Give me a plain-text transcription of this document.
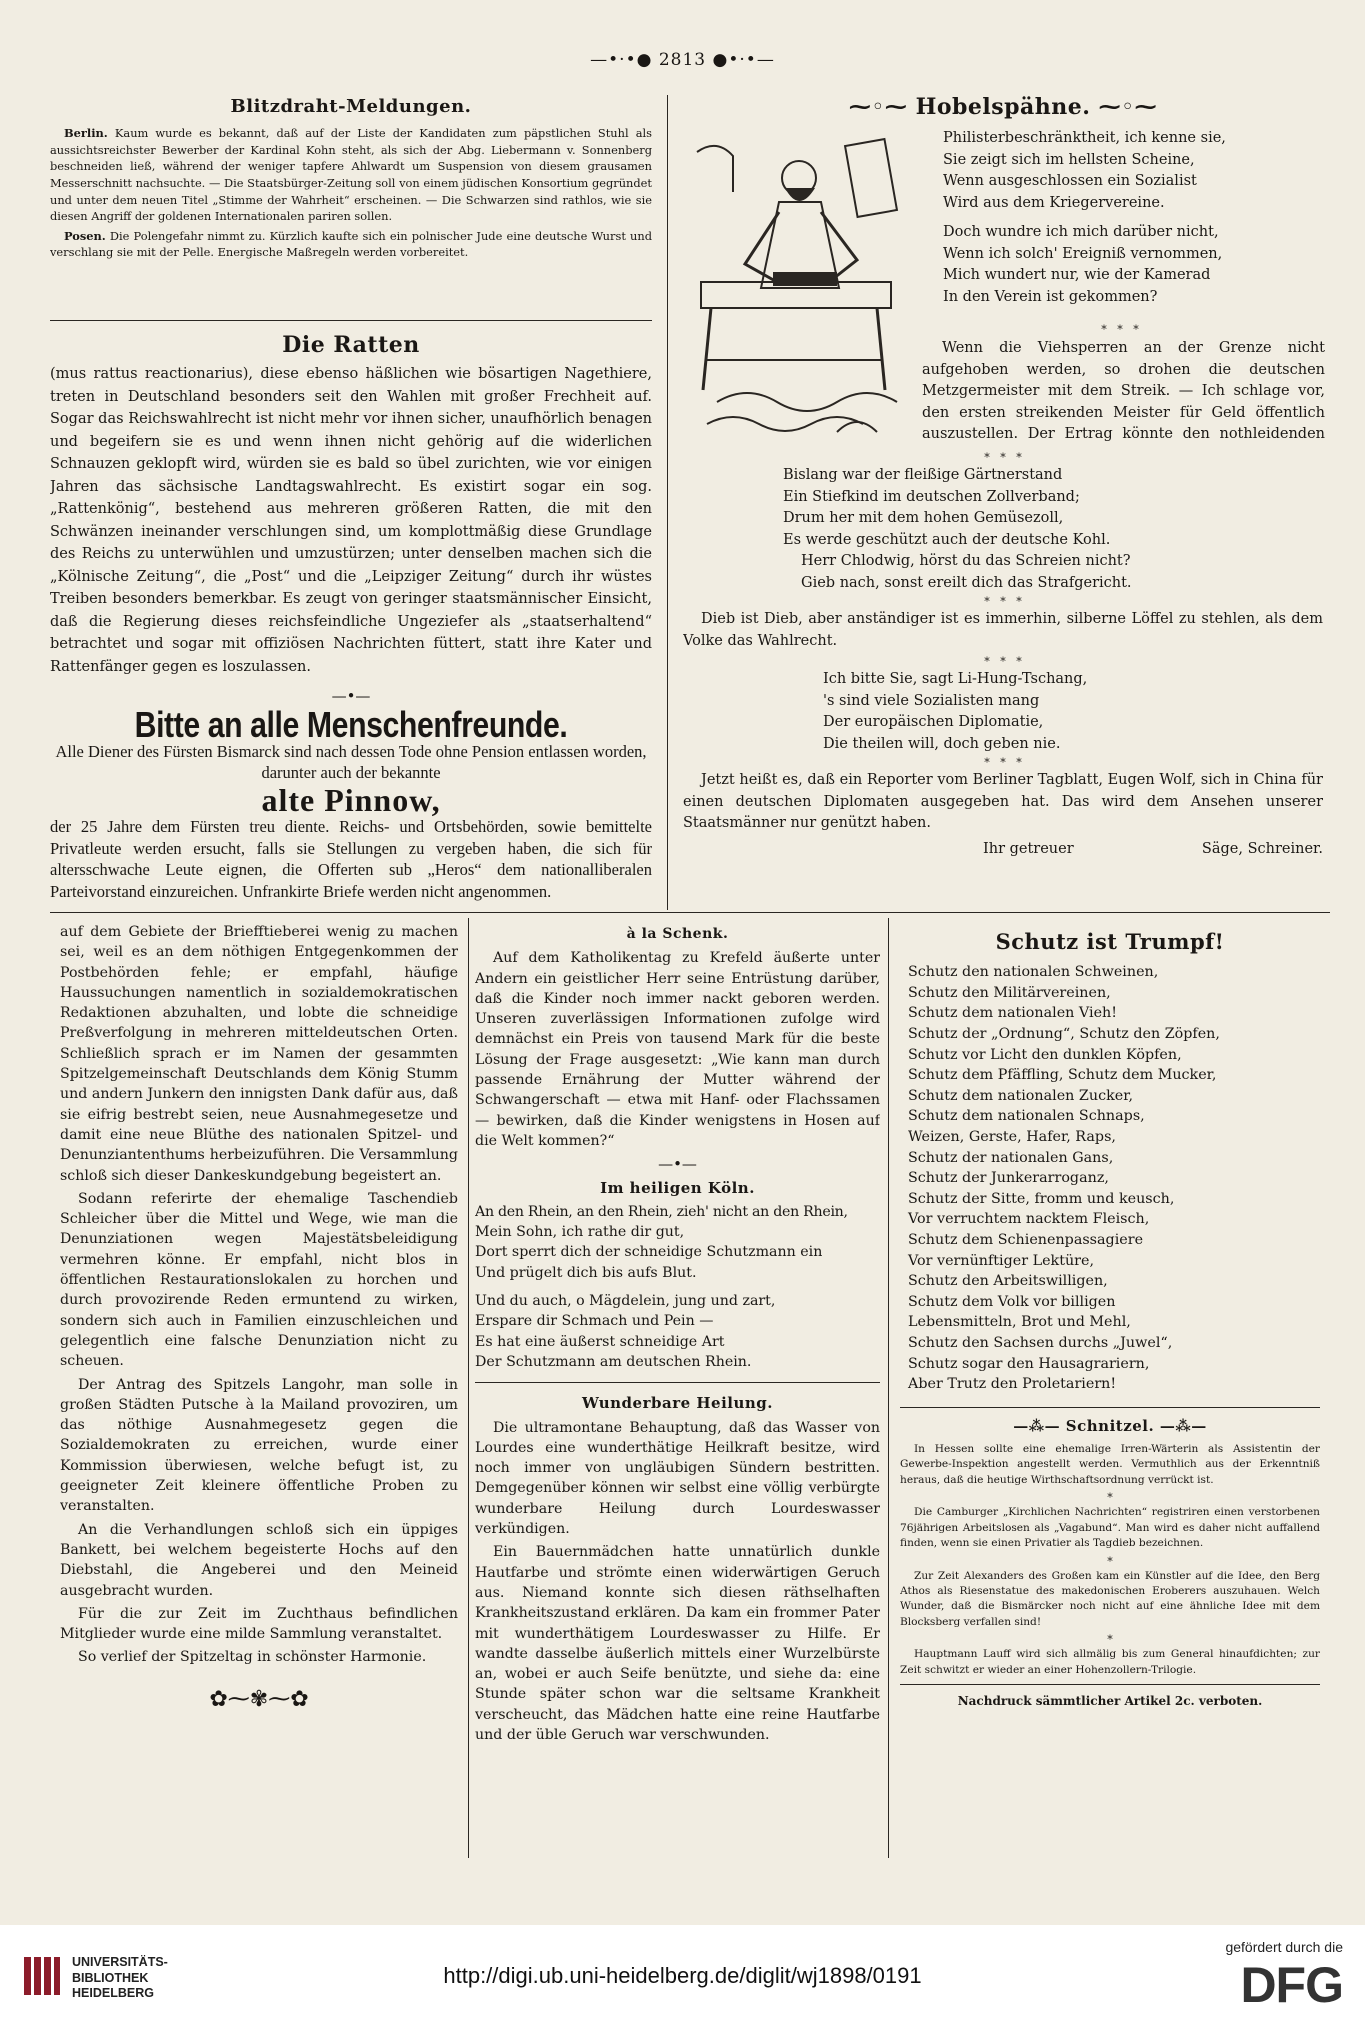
—•·•● 2813 ●•·•—
Blitzdraht-Meldungen.

Berlin. Kaum wurde es bekannt, daß auf der Liste der Kandidaten zum päpstlichen Stuhl als aussichtsreichster Bewerber der Kardinal Kohn steht, als sich der Abg. Liebermann v. Sonnenberg beschneiden ließ, während der weniger tapfere Ahlwardt um Suspension von diesem grausamen Messerschnitt nachsuchte. — Die Staatsbürger-Zeitung soll von einem jüdischen Konsortium gegründet und unter dem neuen Titel „Stimme der Wahrheit“ erscheinen. — Die Schwarzen sind rathlos, wie sie diesen Angriff der goldenen Internationalen pariren sollen.

Posen. Die Polengefahr nimmt zu. Kürzlich kaufte sich ein polnischer Jude eine deutsche Wurst und verschlang sie mit der Pelle. Energische Maßregeln werden vorbereitet.

Die Ratten

(mus rattus reactionarius), diese ebenso häßlichen wie bösartigen Nagethiere, treten in Deutschland besonders seit den Wahlen mit großer Frechheit auf. Sogar das Reichswahlrecht ist nicht mehr vor ihnen sicher, unaufhörlich benagen und begeifern sie es und wenn ihnen nicht gehörig auf die widerlichen Schnauzen geklopft wird, würden sie es bald so übel zurichten, wie vor einigen Jahren das sächsische Landtagswahlrecht. Es existirt sogar ein sog. „Rattenkönig“, bestehend aus mehreren größeren Ratten, die mit den Schwänzen ineinander verschlungen sind, um komplottmäßig diese Grundlage des Reichs zu unterwühlen und umzustürzen; unter denselben machen sich die „Kölnische Zeitung“, die „Post“ und die „Leipziger Zeitung“ durch ihr wüstes Treiben besonders bemerkbar. Es zeugt von geringer staatsmännischer Einsicht, daß die Regierung dieses reichsfeindliche Ungeziefer als „staatserhaltend“ betrachtet und sogar mit offiziösen Nachrichten füttert, statt ihre Kater und Rattenfänger gegen es loszulassen.

—•—
Bitte an alle Menschenfreunde.
Alle Diener des Fürsten Bismarck sind nach dessen Tode ohne Pension entlassen worden, darunter auch der bekannte
alte Pinnow,
der 25 Jahre dem Fürsten treu diente. Reichs- und Ortsbehörden, sowie bemittelte Privatleute werden ersucht, falls sie Stellungen zu vergeben haben, die sich für altersschwache Leute eignen, die Offerten sub „Heros“ dem nationalliberalen Parteivorstand einzureichen. Unfrankirte Briefe werden nicht angenommen.
⁓◦⁓ Hobelspähne. ⁓◦⁓
Philisterbeschränktheit, ich kenne sie,
Sie zeigt sich im hellsten Scheine,
Wenn ausgeschlossen ein Sozialist
Wird aus dem Kriegervereine.
Doch wundre ich mich darüber nicht,
Wenn ich solch' Ereigniß vernommen,
Mich wundert nur, wie der Kamerad
In den Verein ist gekommen?
*   *   *

Wenn die Viehsperren an der Grenze nicht aufgehoben werden, so drohen die deutschen Metzgermeister mit dem Streik. — Ich schlage vor, den ersten streikenden Meister für Geld öffentlich auszustellen. Der Ertrag könnte den nothleidenden

*   *   *
Bislang war der fleißige Gärtnerstand
Ein Stiefkind im deutschen Zollverband;
Drum her mit dem hohen Gemüsezoll,
Es werde geschützt auch der deutsche Kohl.
Herr Chlodwig, hörst du das Schreien nicht?
Gieb nach, sonst ereilt dich das Strafgericht.
*   *   *

Dieb ist Dieb, aber anständiger ist es immerhin, silberne Löffel zu stehlen, als dem Volke das Wahlrecht.

*   *   *
Ich bitte Sie, sagt Li-Hung-Tschang,
's sind viele Sozialisten mang
Der europäischen Diplomatie,
Die theilen will, doch geben nie.
*   *   *

Jetzt heißt es, daß ein Reporter vom Berliner Tagblatt, Eugen Wolf, sich in China für einen deutschen Diplomaten ausgegeben hat. Das wird dem Ansehen unserer Staatsmänner nur genützt haben.

Ihr getreuer	Säge, Schreiner.

auf dem Gebiete der Briefftieberei wenig zu machen sei, weil es an dem nöthigen Entgegenkommen der Postbehörden fehle; er empfahl, häufige Haussuchungen namentlich in sozialdemokratischen Redaktionen abzuhalten, und lobte die schneidige Preßverfolgung in mehreren mitteldeutschen Orten. Schließlich sprach er im Namen der gesammten Spitzelgemeinschaft Deutschlands dem König Stumm und andern Junkern den innigsten Dank dafür aus, daß sie eifrig bestrebt seien, neue Ausnahmegesetze und damit eine neue Blüthe des nationalen Spitzel- und Denunziantenthums herbeizuführen. Die Versammlung schloß sich dieser Dankeskundgebung begeistert an.

Sodann referirte der ehemalige Taschendieb Schleicher über die Mittel und Wege, wie man die Denunziationen wegen Majestätsbeleidigung vermehren könne. Er empfahl, nicht blos in öffentlichen Restaurationslokalen zu horchen und durch provozirende Reden ermuntend zu wirken, sondern sich auch in Familien einzuschleichen und gelegentlich eine falsche Denunziation nicht zu scheuen.

Der Antrag des Spitzels Langohr, man solle in großen Städten Putsche à la Mailand provoziren, um das nöthige Ausnahmegesetz gegen die Sozialdemokraten zu erreichen, wurde einer Kommission überwiesen, welche befugt ist, zu geeigneter Zeit kleinere öffentliche Proben zu veranstalten.

An die Verhandlungen schloß sich ein üppiges Bankett, bei welchem begeisterte Hochs auf den Diebstahl, die Angeberei und den Meineid ausgebracht wurden.

Für die zur Zeit im Zuchthaus befindlichen Mitglieder wurde eine milde Sammlung veranstaltet.

So verlief der Spitzeltag in schönster Harmonie.

✿⁓✾⁓✿
à la Schenk.

Auf dem Katholikentag zu Krefeld äußerte unter Andern ein geistlicher Herr seine Entrüstung darüber, daß die Kinder noch immer nackt geboren werden. Unseren zuverlässigen Informationen zufolge wird demnächst ein Preis von tausend Mark für die beste Lösung der Frage ausgesetzt: „Wie kann man durch passende Ernährung der Mutter während der Schwangerschaft — etwa mit Hanf- oder Flachssamen — bewirken, daß die Kinder wenigstens in Hosen auf die Welt kommen?“

—•—
Im heiligen Köln.
An den Rhein, an den Rhein, zieh' nicht an den Rhein,
Mein Sohn, ich rathe dir gut,
Dort sperrt dich der schneidige Schutzmann ein
Und prügelt dich bis aufs Blut.
Und du auch, o Mägdelein, jung und zart,
Erspare dir Schmach und Pein —
Es hat eine äußerst schneidige Art
Der Schutzmann am deutschen Rhein.
Wunderbare Heilung.

Die ultramontane Behauptung, daß das Wasser von Lourdes eine wunderthätige Heilkraft besitze, wird noch immer von ungläubigen Sündern bestritten. Demgegenüber können wir selbst eine völlig verbürgte wunderbare Heilung durch Lourdeswasser verkündigen.

Ein Bauernmädchen hatte unnatürlich dunkle Hautfarbe und strömte einen widerwärtigen Geruch aus. Niemand konnte sich diesen räthselhaften Krankheitszustand erklären. Da kam ein frommer Pater mit wunderthätigem Lourdeswasser zu Hilfe. Er wandte dasselbe äußerlich mittels einer Wurzelbürste an, wobei er auch Seife benützte, und siehe da: eine Stunde später schon war die seltsame Krankheit verscheucht, das Mädchen hatte eine reine Hautfarbe und der üble Geruch war verschwunden.

Schutz ist Trumpf!
Schutz den nationalen Schweinen,
Schutz den Militärvereinen,
Schutz dem nationalen Vieh!
Schutz der „Ordnung“, Schutz den Zöpfen,
Schutz vor Licht den dunklen Köpfen,
Schutz dem Pfäffling, Schutz dem Mucker,
Schutz dem nationalen Zucker,
Schutz dem nationalen Schnaps,
Weizen, Gerste, Hafer, Raps,
Schutz der nationalen Gans,
Schutz der Junkerarroganz,
Schutz der Sitte, fromm und keusch,
Vor verruchtem nacktem Fleisch,
Schutz dem Schienenpassagiere
Vor vernünftiger Lektüre,
Schutz den Arbeitswilligen,
Schutz dem Volk vor billigen
Lebensmitteln, Brot und Mehl,
Schutz den Sachsen durchs „Juwel“,
Schutz sogar den Hausagrariern,
Aber Trutz den Proletariern!
—⁂— Schnitzel. —⁂—

In Hessen sollte eine ehemalige Irren-Wärterin als Assistentin der Gewerbe-Inspektion angestellt werden. Vermuthlich aus der Erkenntniß heraus, daß die heutige Wirthschaftsordnung verrückt ist.

*

Die Camburger „Kirchlichen Nachrichten“ registriren einen verstorbenen 76jährigen Arbeitslosen als „Vagabund“. Man wird es daher nicht auffallend finden, wenn sie einen Privatier als Tagdieb bezeichnen.

*

Zur Zeit Alexanders des Großen kam ein Künstler auf die Idee, den Berg Athos als Riesenstatue des makedonischen Eroberers auszuhauen. Welch Wunder, daß die Bismärcker noch nicht auf eine ähnliche Idee mit dem Blocksberg verfallen sind!

*

Hauptmann Lauff wird sich allmälig bis zum General hinaufdichten; zur Zeit schwitzt er wieder an einer Hohenzollern-Trilogie.

Nachdruck sämmtlicher Artikel 2c. verboten.
UNIVERSITÄTS-
BIBLIOTHEK
HEIDELBERG
http://digi.ub.uni-heidelberg.de/diglit/wj1898/0191
gefördert durch die
DFG
